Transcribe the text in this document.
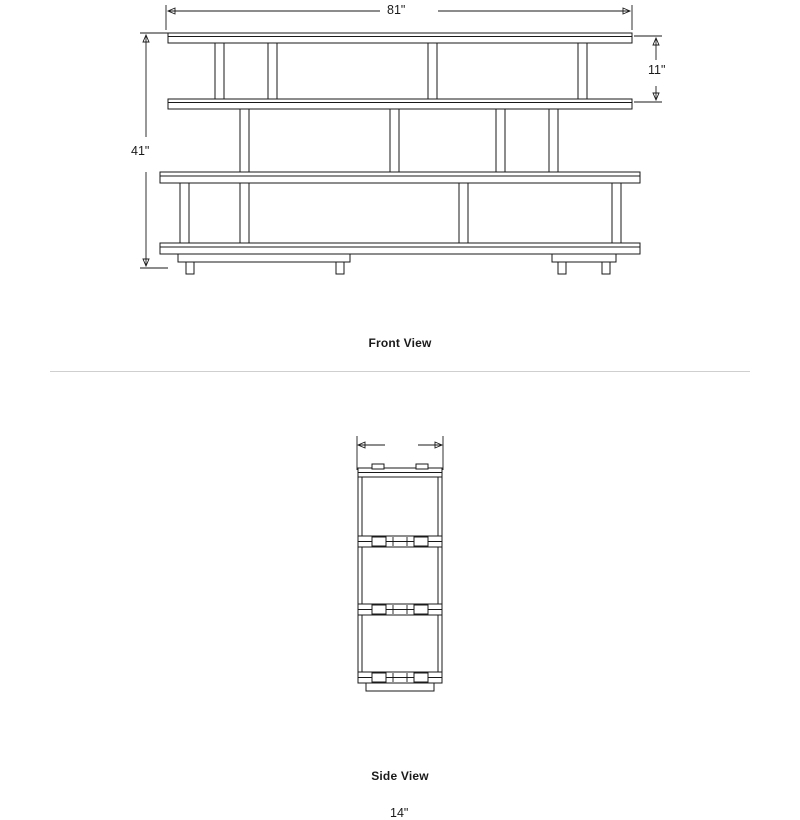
81"
41"
11"
Front View
14"
Side View
